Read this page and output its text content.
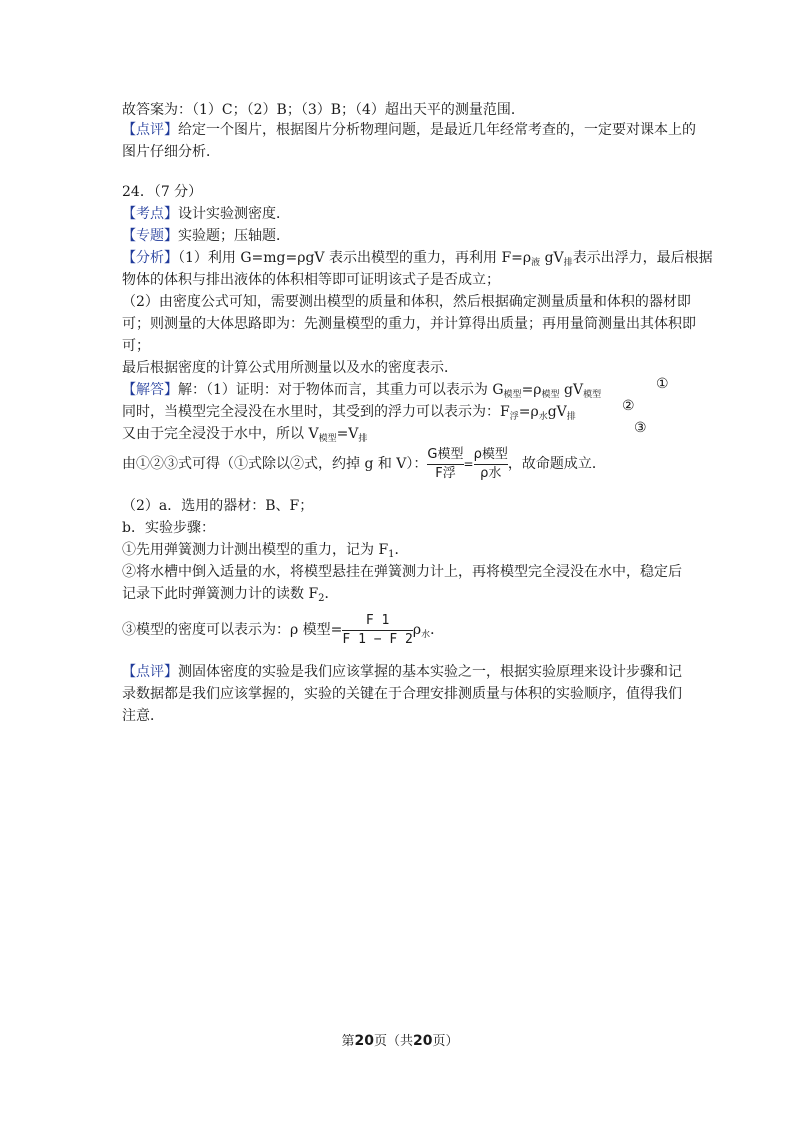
故答案为：（1）C；（2）B；（3）B；（4）超出天平的测量范围．
【点评】给定一个图片，根据图片分析物理问题，是最近几年经常考查的，一定要对课本上的
图片仔细分析．
24．（7 分）
【考点】设计实验测密度．
【专题】实验题；压轴题．
【分析】（1）利用 G=mg=ρgV 表示出模型的重力，再利用 $F=\rho_液$ $gV_排$表示出浮力，最后根据
物体的体积与排出液体的体积相等即可证明该式子是否成立；
（2）由密度公式可知，需要测出模型的质量和体积，然后根据确定测量质量和体积的器材即
可；则测量的大体思路即为：先测量模型的重力，并计算得出质量；再用量筒测量出其体积即
可；
最后根据密度的计算公式用所测量以及水的密度表示．
【解答】解：（1）证明：对于物体而言，其重力可以表示为 $G_{模型}=\rho_{模型}$ $gV_{模型}$
①
同时，当模型完全浸没在水里时，其受到的浮力可以表示为：$F_浮=\rho_水gV_排$
②
又由于完全浸没于水中，所以 $V_{模型}=V_排$
③
由①②③式可得（①式除以②式，约掉 g 和 V）： $\frac{\text{G模型}}{\text{F浮}} = \frac{\text{ρ模型}}{\text{ρ水}}$ ，故命题成立．
（2）a．选用的器材：B、F；
b．实验步骤：
①先用弹簧测力计测出模型的重力，记为 $F_1$．
②将水槽中倒入适量的水，将模型悬挂在弹簧测力计上，再将模型完全浸没在水中，稳定后
记录下此时弹簧测力计的读数 $F_2$．
③模型的密度可以表示为：ρ 模型= $\frac{F 1}{F 1 - F 2} \rho_水$．
【点评】测固体密度的实验是我们应该掌握的基本实验之一，根据实验原理来设计步骤和记
录数据都是我们应该掌握的，实验的关键在于合理安排测质量与体积的实验顺序，值得我们
注意．
第20页（共20页）
